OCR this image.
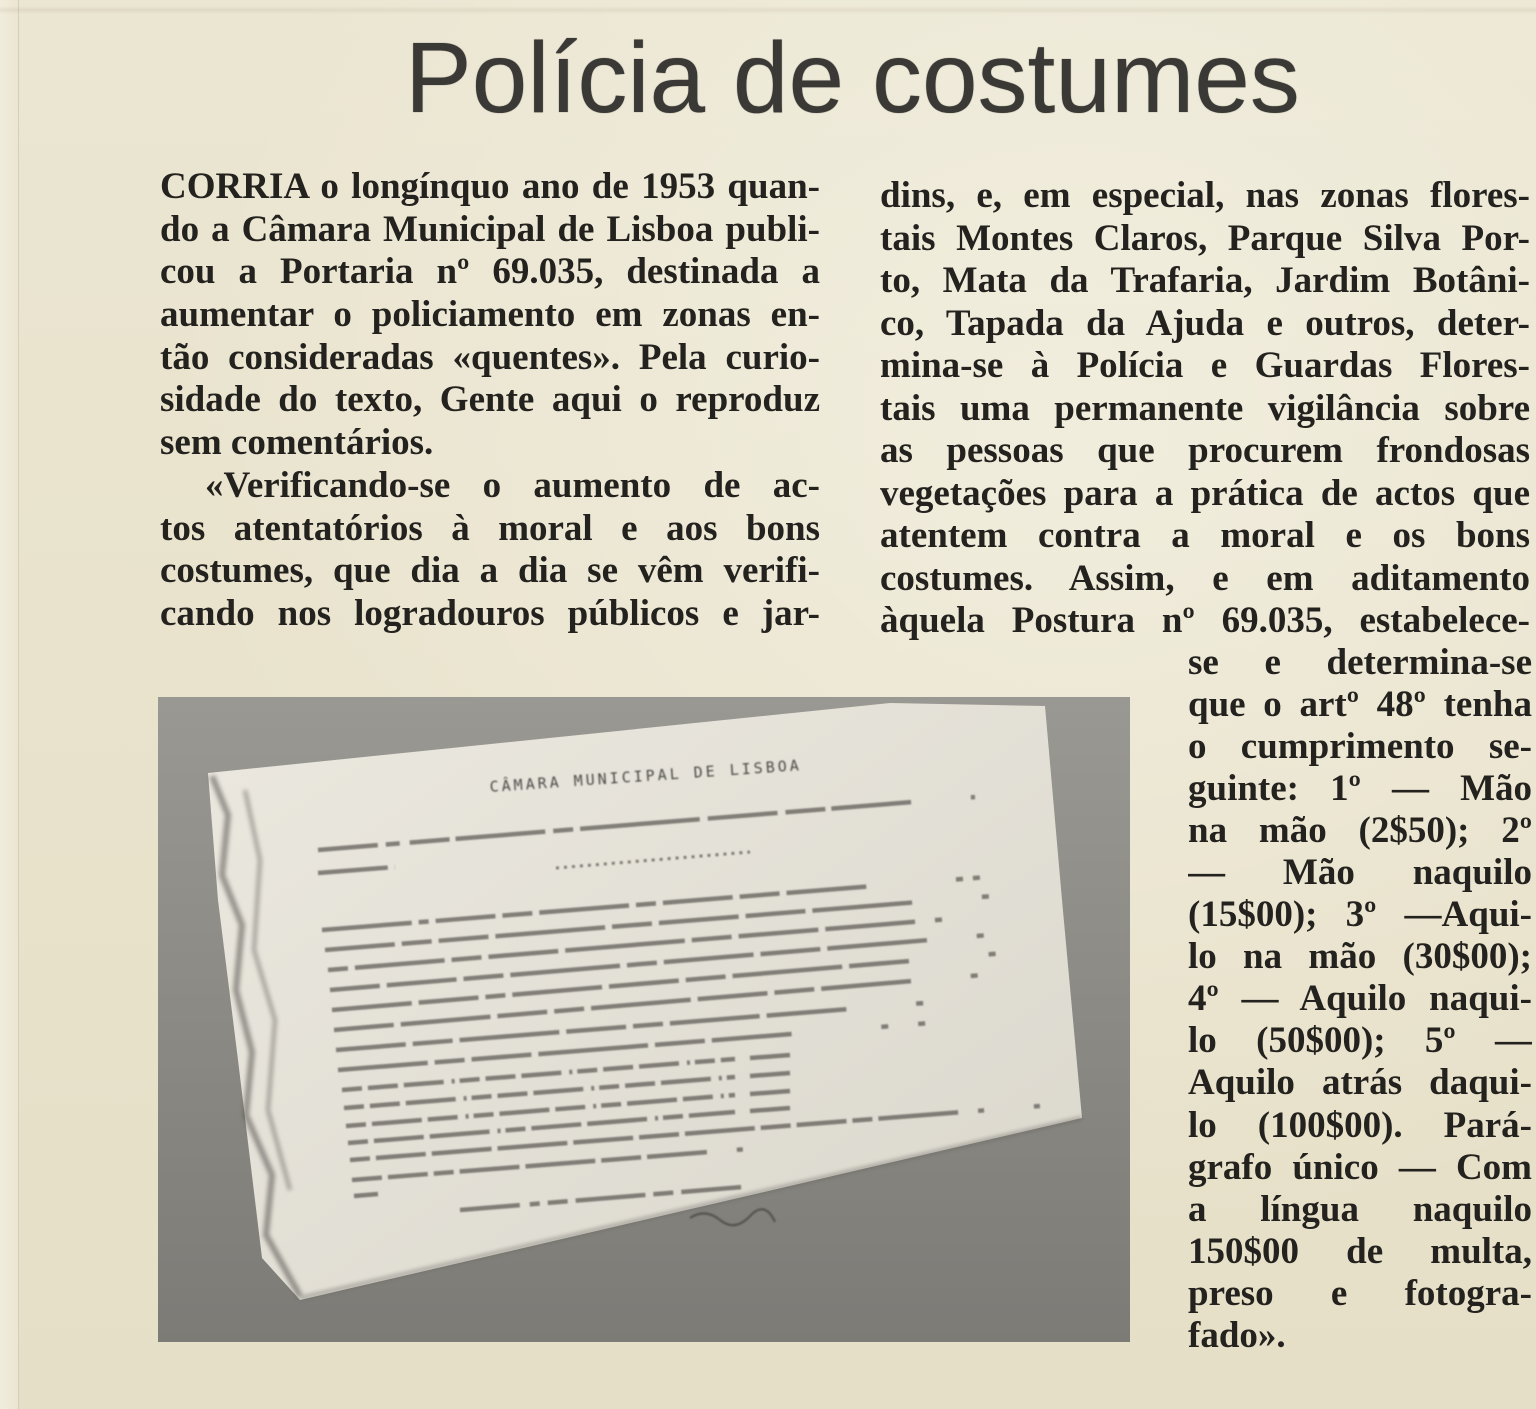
Polícia de costumes
CORRIA o longínquo ano de 1953 quan-
do a Câmara Municipal de Lisboa publi-
cou a Portaria nº 69.035, destinada a
aumentar o policiamento em zonas en-
tão consideradas «quentes». Pela curio-
sidade do texto, Gente aqui o reproduz
sem comentários.
«Verificando-se o aumento de ac-
tos atentatórios à moral e aos bons
costumes, que dia a dia se vêm verifi-
cando nos logradouros públicos e jar-
dins, e, em especial, nas zonas flores-
tais Montes Claros, Parque Silva Por-
to, Mata da Trafaria, Jardim Botâni-
co, Tapada da Ajuda e outros, deter-
mina-se à Polícia e Guardas Flores-
tais uma permanente vigilância sobre
as pessoas que procurem frondosas
vegetações para a prática de actos que
atentem contra a moral e os bons
costumes. Assim, e em aditamento
àquela Postura nº 69.035, estabelece-
se e determina-se
que o artº 48º tenha
o cumprimento se-
guinte: 1º — Mão
na mão (2$50); 2º
— Mão naquilo
(15$00); 3º —Aqui-
lo na mão (30$00);
4º — Aquilo naqui-
lo (50$00); 5º —
Aquilo atrás daqui-
lo (100$00). Pará-
grafo único — Com
a língua naquilo
150$00 de multa,
preso e fotogra-
fado».
CÂMARA MUNICIPAL DE LISBOA
